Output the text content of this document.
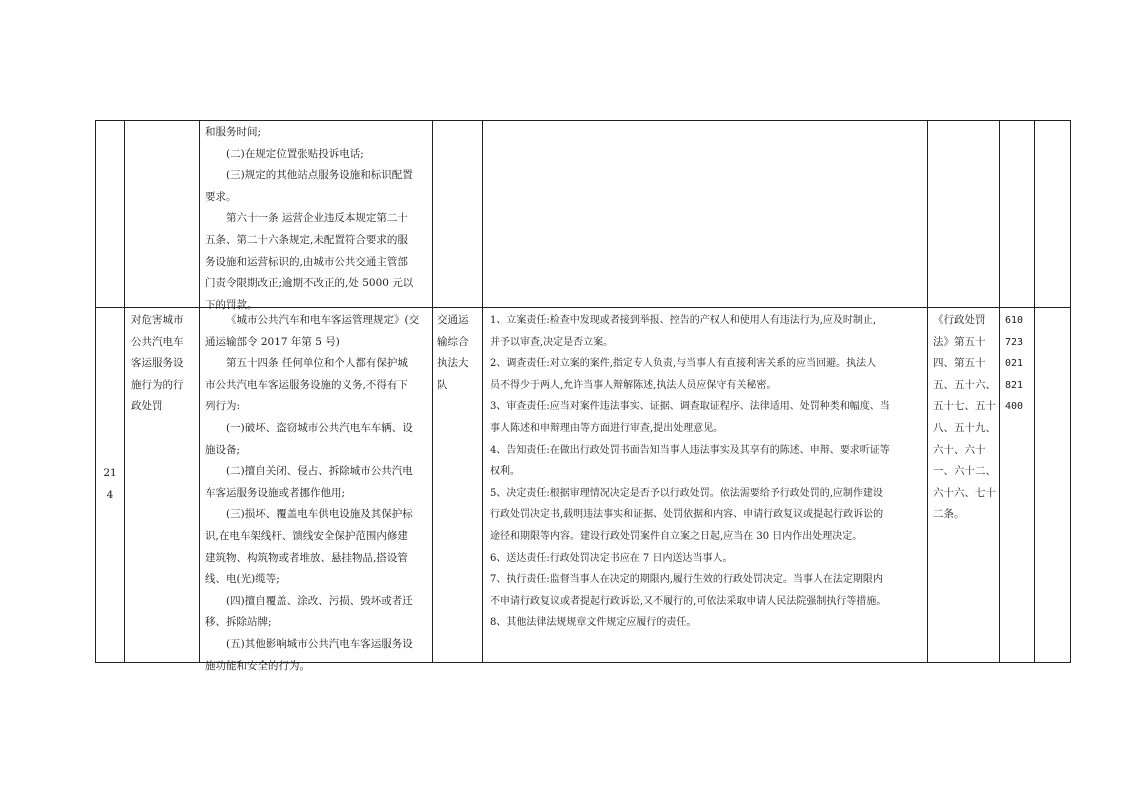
和服务时间;

(二)在规定位置张贴投诉电话;

(三)规定的其他站点服务设施和标识配置

要求。

第六十一条 运营企业违反本规定第二十

五条、第二十六条规定,未配置符合要求的服

务设施和运营标识的,由城市公共交通主管部

门责令限期改正;逾期不改正的,处 5000 元以

下的罚款。

21

4

对危害城市

公共汽电车

客运服务设

施行为的行

政处罚

《城市公共汽车和电车客运管理规定》(交

通运输部令 2017 年第 5 号)

第五十四条 任何单位和个人都有保护城

市公共汽电车客运服务设施的义务,不得有下

列行为:

(一)破坏、盗窃城市公共汽电车车辆、设

施设备;

(二)擅自关闭、侵占、拆除城市公共汽电

车客运服务设施或者挪作他用;

(三)损坏、覆盖电车供电设施及其保护标

识,在电车架线杆、馈线安全保护范围内修建

建筑物、构筑物或者堆放、悬挂物品,搭设管

线、电(光)缆等;

(四)擅自覆盖、涂改、污损、毁坏或者迁

移、拆除站牌;

(五)其他影响城市公共汽电车客运服务设

施功能和安全的行为。

交通运

输综合

执法大

队

1、立案责任:检查中发现或者接到举报、控告的产权人和使用人有违法行为,应及时制止,

并予以审查,决定是否立案。

2、调查责任:对立案的案件,指定专人负责,与当事人有直接利害关系的应当回避。执法人

员不得少于两人,允许当事人辩解陈述,执法人员应保守有关秘密。

3、审查责任:应当对案件违法事实、证据、调查取证程序、法律适用、处罚种类和幅度、当

事人陈述和申辩理由等方面进行审查,提出处理意见。

4、告知责任:在做出行政处罚书面告知当事人违法事实及其享有的陈述、申辩、要求听证等

权利。

5、决定责任:根据审理情况决定是否予以行政处罚。依法需要给予行政处罚的,应制作建设

行政处罚决定书,载明违法事实和证据、处罚依据和内容、申请行政复议或提起行政诉讼的

途径和期限等内容。建设行政处罚案件自立案之日起,应当在 30 日内作出处理决定。

6、送达责任:行政处罚决定书应在 7 日内送达当事人。

7、执行责任:监督当事人在决定的期限内,履行生效的行政处罚决定。当事人在法定期限内

不申请行政复议或者提起行政诉讼,又不履行的,可依法采取申请人民法院强制执行等措施。

8、其他法律法规规章文件规定应履行的责任。

《行政处罚

法》第五十

四、第五十

五、五十六、

五十七、五十

八、五十九、

六十、六十

一、六十二、

六十六、七十

二条。

610

723

021

821

400
